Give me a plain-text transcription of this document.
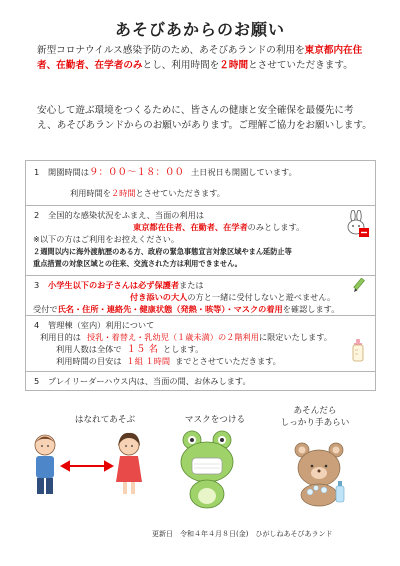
あそびあからのお願い
新型コロナウイルス感染予防のため、あそびあランドの利用を東京都内在住者、在勤者、在学者のみとし、利用時間を２時間とさせていただきます。
安心して遊ぶ環境をつくるために、皆さんの健康と安全確保を最優先に考え、あそびあランドからのお願いがあります。ご理解ご協力をお願いします。
1 開園時間は９：００～１８：００ 土日祝日も開園しています。
利用時間を２時間とさせていただきます。
2 全国的な感染状況をふまえ、当面の利用は
東京都在住者、在勤者、在学者のみとします。
※以下の方はご利用をお控えください。
２週間以内に海外渡航歴のある方、政府の緊急事態宣言対象区域やまん延防止等
重点措置の対象区域との往来、交流された方は利用できません。
3 小学生以下のお子さんは必ず保護者または
付き添いの大人の方と一緒に受付しないと遊べません。
受付で氏名・住所・連絡先・健康状態（発熱・咳等）・マスクの着用を確認します。
4 管理棟（室内）利用について
利用目的は 授乳・着替え・乳幼児（１歳未満）の２階利用に限定いたします。
利用人数は全体で １５ 名 とします。
利用時間の目安は １組 １時間 までとさせていただきます。
5 プレイリーダーハウス内は、当面の間、お休みします。
はなれてあそぶ	マスクをつける
あそんだら
しっかり手あらい
更新日　令和４年４月８日(金)　ひがしねあそびあランド
